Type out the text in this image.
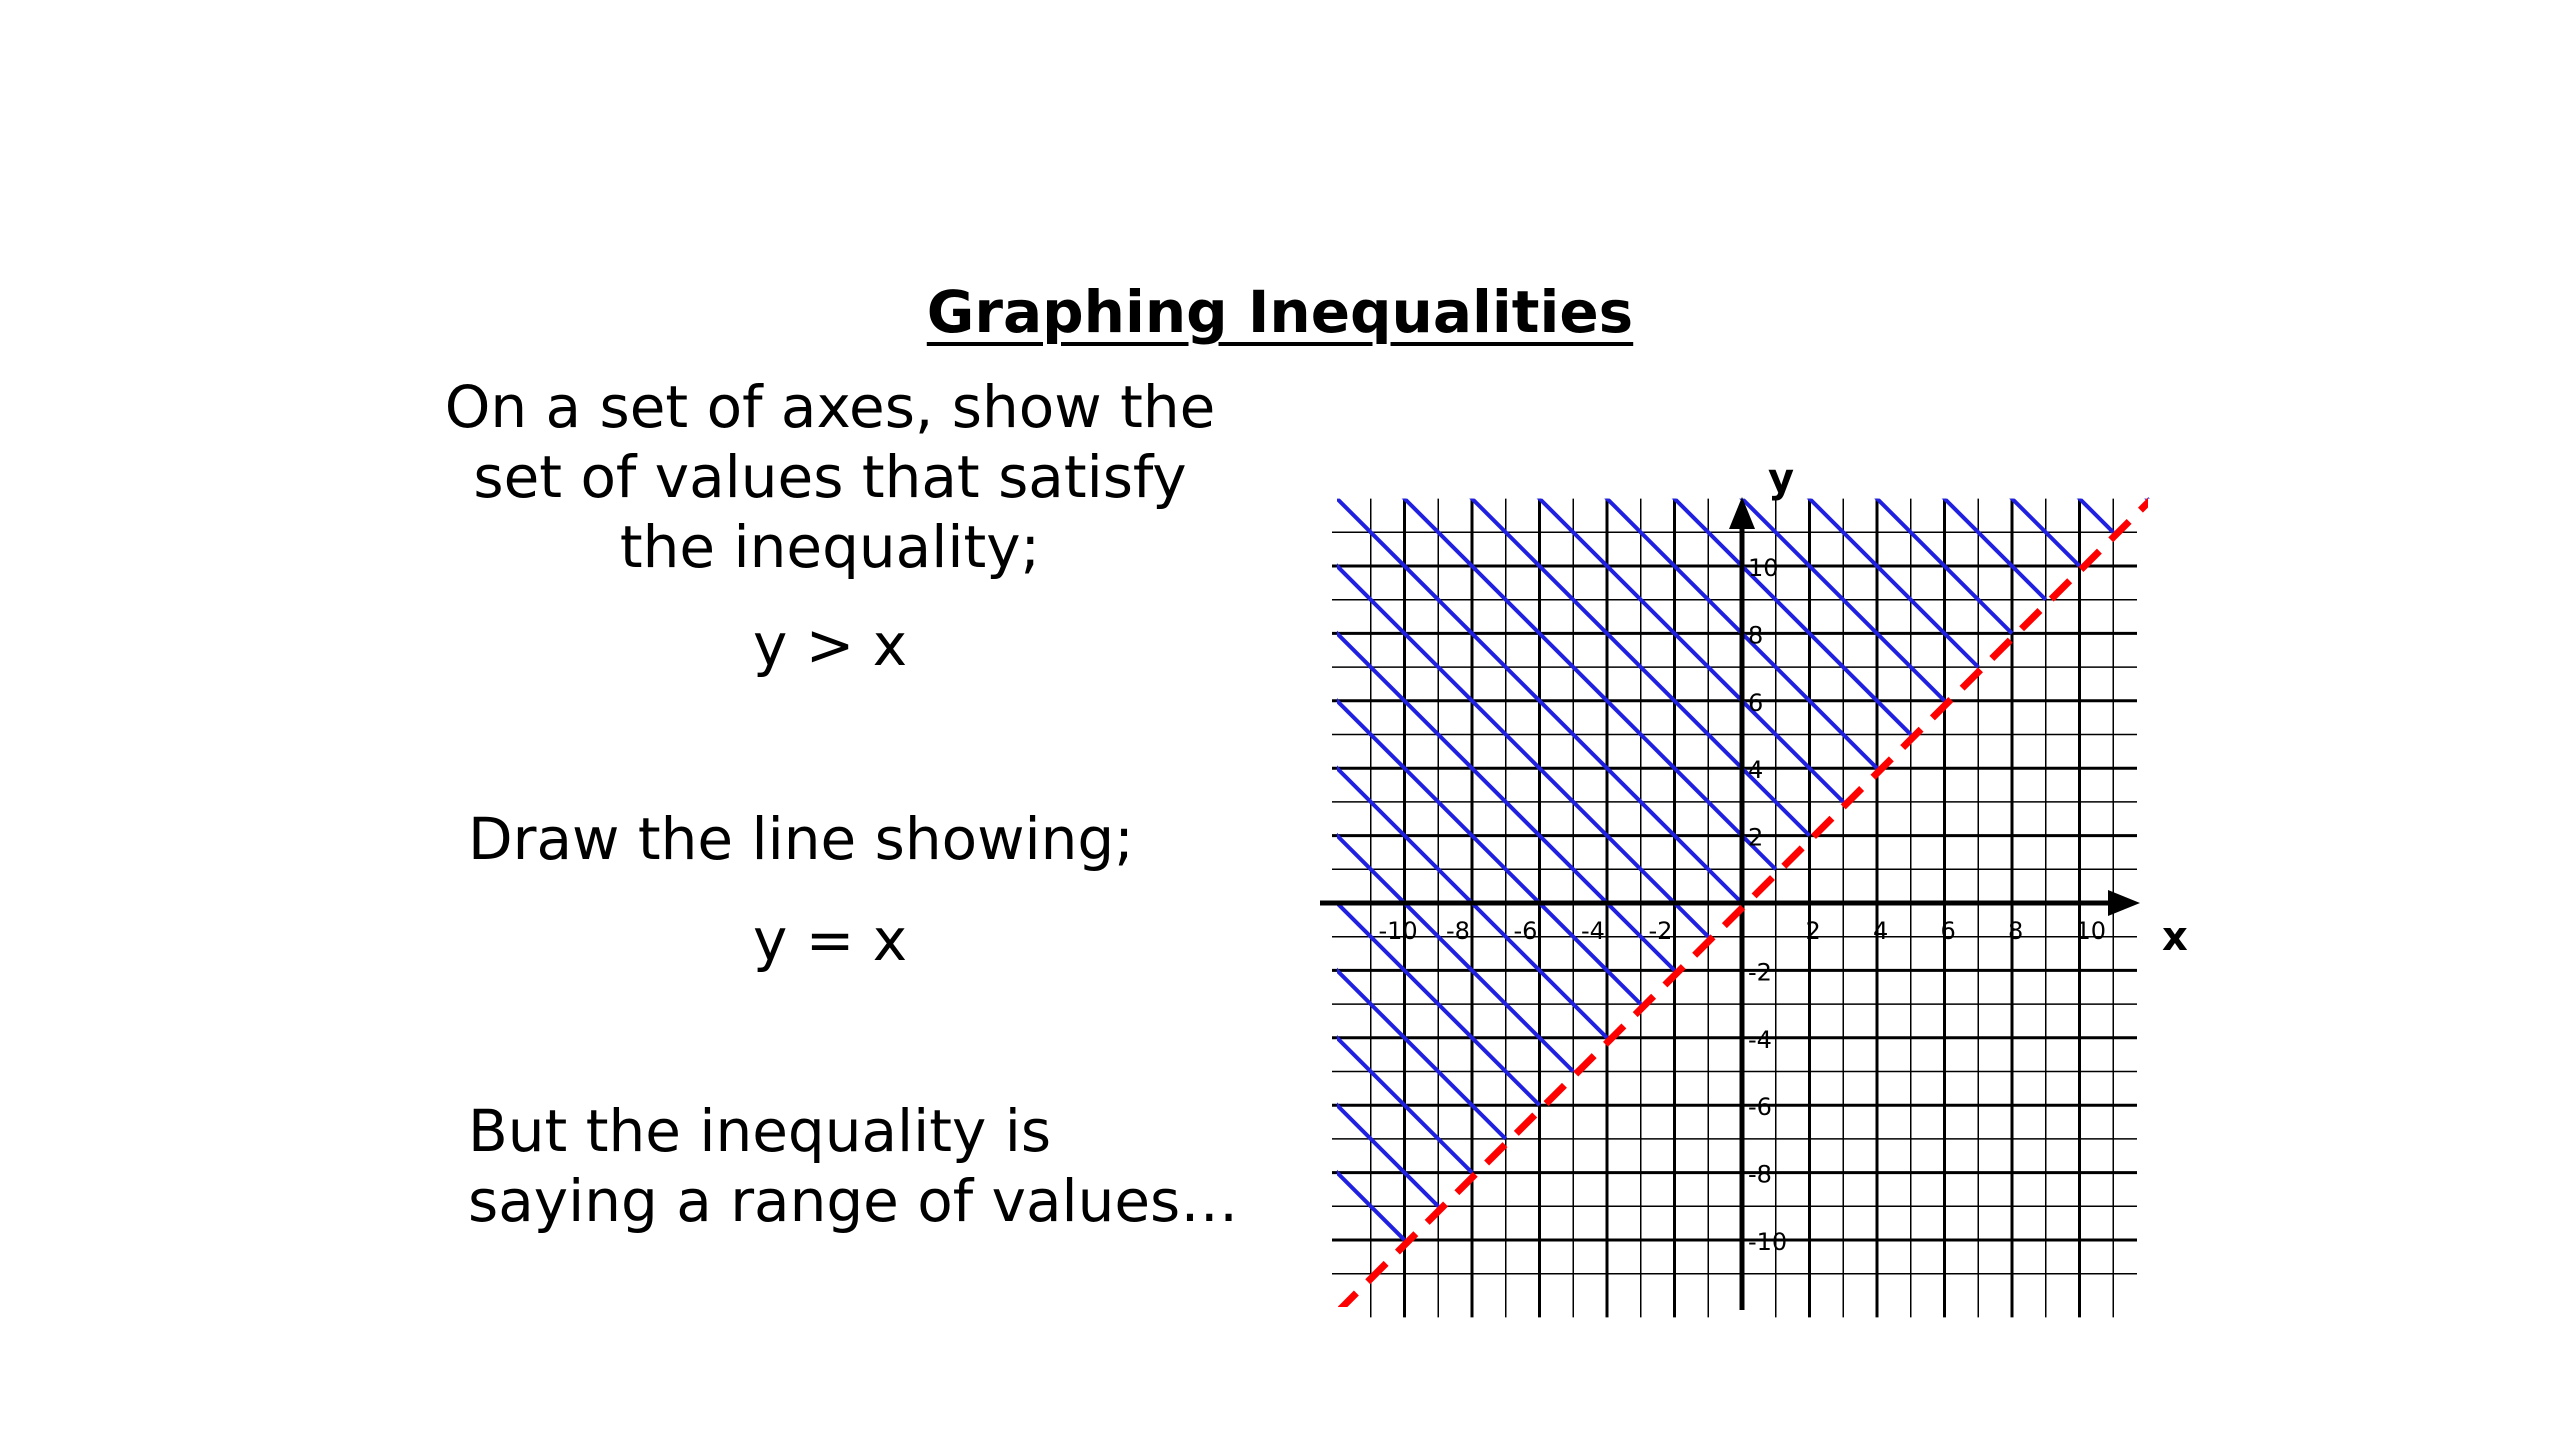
Graphing Inequalities
On a set of axes, show the
set of values that satisfy
the inequality;
y > x
Draw the line showing;
y = x
But the inequality is
saying a range of values…
x
y
-10 -8 -6 -4 -2	2 4 6 8 10
10
8
6
4
2
-2
-4
-6
-8
-10
